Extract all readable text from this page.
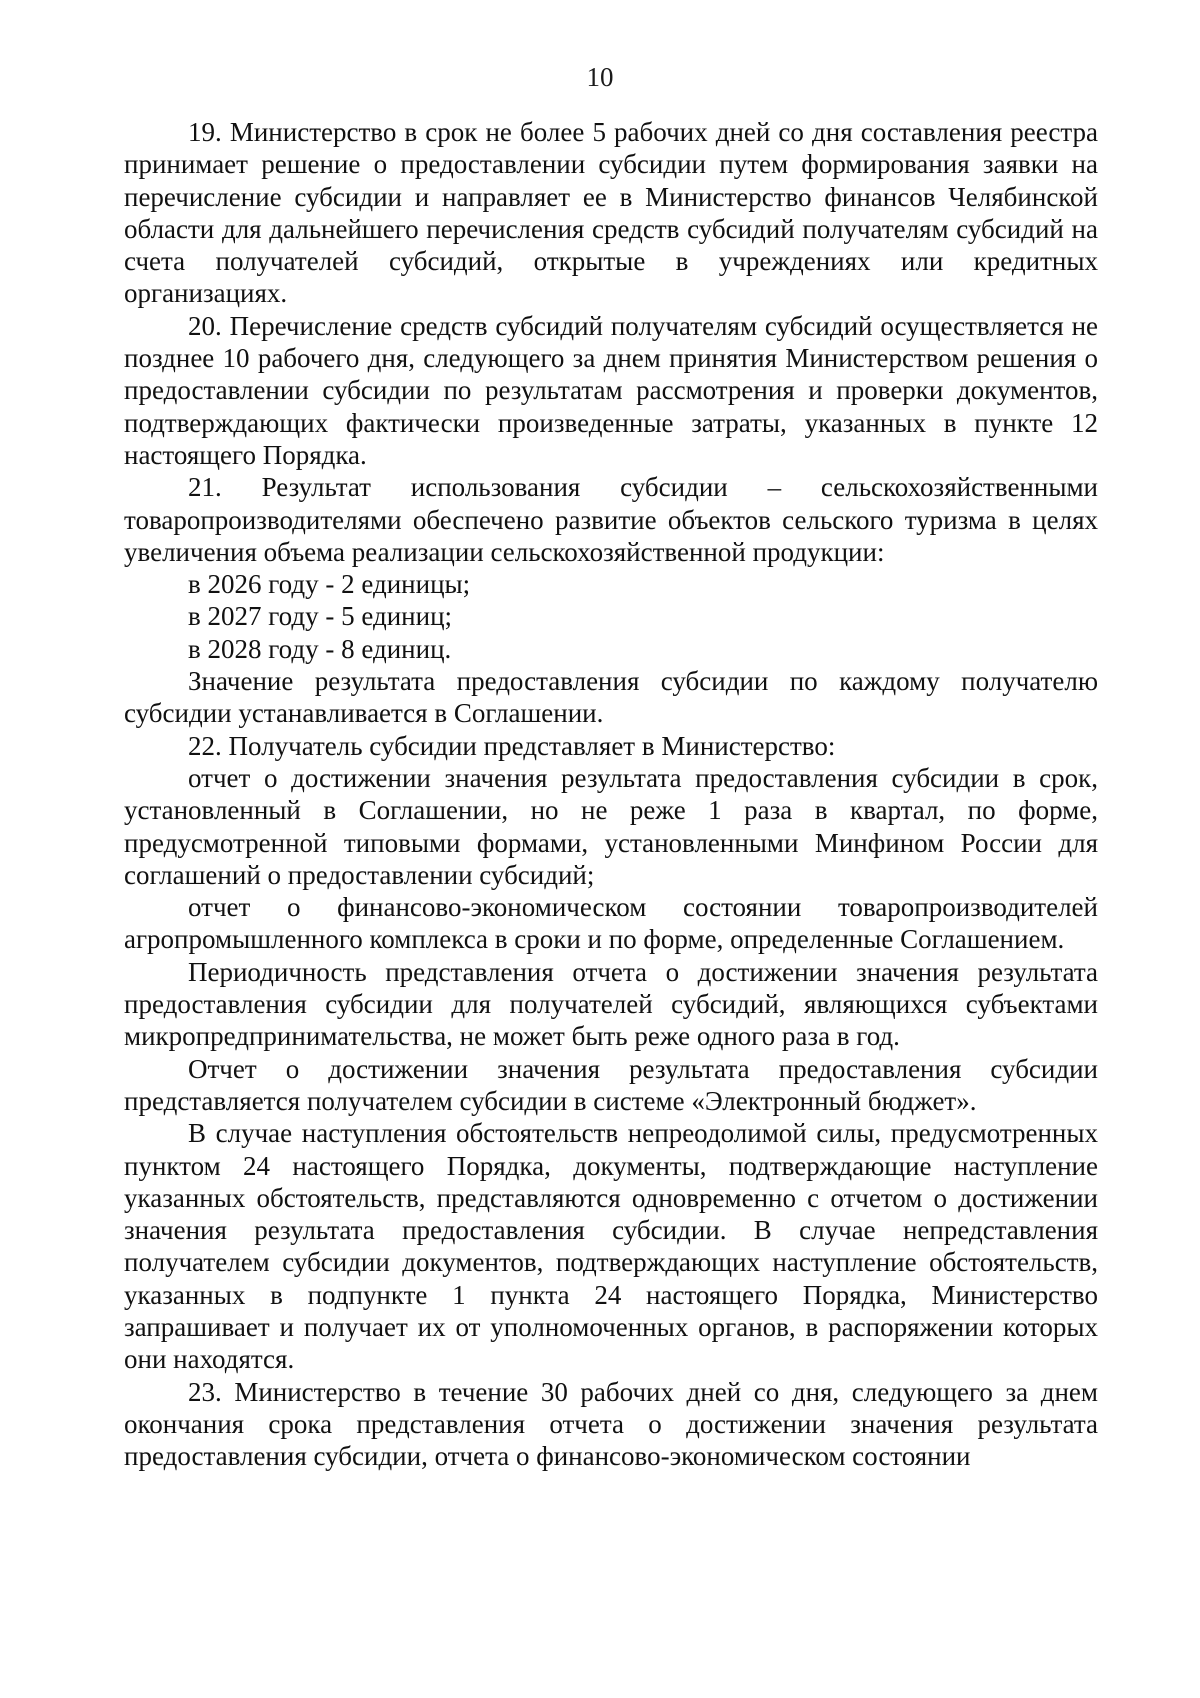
10

19. Министерство в срок не более 5 рабочих дней со дня составления реестра принимает решение о предоставлении субсидии путем формирования заявки на перечисление субсидии и направляет ее в Министерство финансов Челябинской области для дальнейшего перечисления средств субсидий получателям субсидий на счета получателей субсидий, открытые в учреждениях или кредитных организациях.

20. Перечисление средств субсидий получателям субсидий осуществляется не позднее 10 рабочего дня, следующего за днем принятия Министерством решения о предоставлении субсидии по результатам рассмотрения и проверки документов, подтверждающих фактически произведенные затраты, указанных в пункте 12 настоящего Порядка.

21. Результат использования субсидии – сельскохозяйственными товаропроизводителями обеспечено развитие объектов сельского туризма в целях увеличения объема реализации сельскохозяйственной продукции:

в 2026 году - 2 единицы;

в 2027 году - 5 единиц;

в 2028 году - 8 единиц.

Значение результата предоставления субсидии по каждому получателю субсидии устанавливается в Соглашении.

22. Получатель субсидии представляет в Министерство:

отчет о достижении значения результата предоставления субсидии в срок, установленный в Соглашении, но не реже 1 раза в квартал, по форме, предусмотренной типовыми формами, установленными Минфином России для соглашений о предоставлении субсидий;

отчет о финансово-экономическом состоянии товаропроизводителей агропромышленного комплекса в сроки и по форме, определенные Соглашением.

Периодичность представления отчета о достижении значения результата предоставления субсидии для получателей субсидий, являющихся субъектами микропредпринимательства, не может быть реже одного раза в год.

Отчет о достижении значения результата предоставления субсидии представляется получателем субсидии в системе «Электронный бюджет».

В случае наступления обстоятельств непреодолимой силы, предусмотренных пунктом 24 настоящего Порядка, документы, подтверждающие наступление указанных обстоятельств, представляются одновременно с отчетом о достижении значения результата предоставления субсидии. В случае непредставления получателем субсидии документов, подтверждающих наступление обстоятельств, указанных в подпункте 1 пункта 24 настоящего Порядка, Министерство запрашивает и получает их от уполномоченных органов, в распоряжении которых они находятся.

23. Министерство в течение 30 рабочих дней со дня, следующего за днем окончания срока представления отчета о достижении значения результата предоставления субсидии, отчета о финансово-экономическом состоянии
